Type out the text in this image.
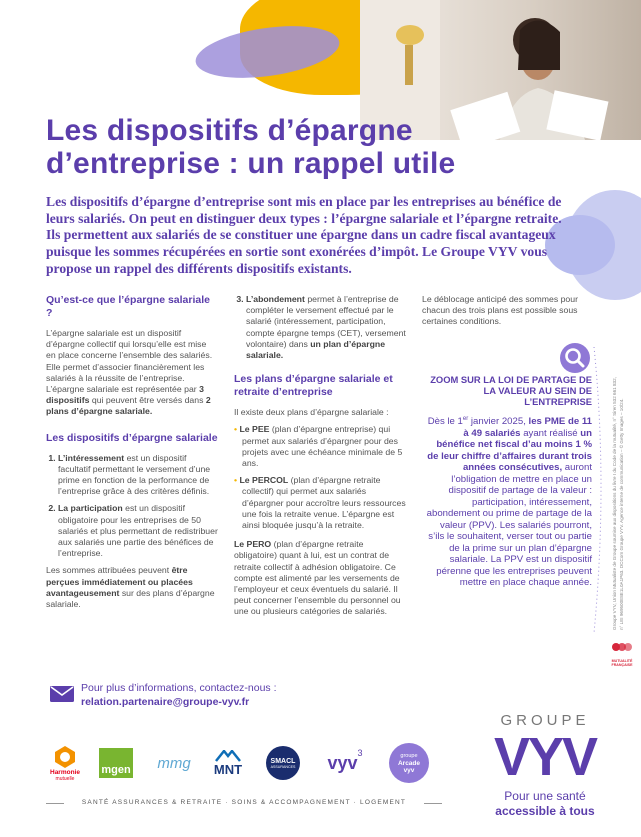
Les dispositifs d’épargne d’entreprise : un rappel utile

Les dispositifs d’épargne d’entreprise sont mis en place par les entreprises au bénéfice de leurs salariés. On peut en distinguer deux types : l’épargne salariale et l’épargne retraite. Ils permettent aux salariés de se constituer une épargne dans un cadre fiscal avantageux puisque les sommes récupérées en sortie sont exonérées d’impôt. Le Groupe VYV vous propose un rappel des différents dispositifs existants.

Qu’est-ce que l’épargne salariale ?

L’épargne salariale est un dispositif d’épargne collectif qui lorsqu’elle est mise en place concerne l’ensemble des salariés. Elle permet d’associer financièrement les salariés à la réussite de l’entreprise. L’épargne salariale est représentée par 3 dispositifs qui peuvent être versés dans 2 plans d’épargne salariale.

Les dispositifs d’épargne salariale
1. L’intéressement est un dispositif facultatif permettant le versement d’une prime en fonction de la performance de l’entreprise grâce à des critères définis.
2. La participation est un dispositif obligatoire pour les entreprises de 50 salariés et plus permettant de redistribuer aux salariés une partie des bénéfices de l’entreprise.

Les sommes attribuées peuvent être perçues immédiatement ou placées avantageusement sur des plans d’épargne salariale.

3. L’abondement permet à l’entreprise de compléter le versement effectué par le salarié (intéressement, participation, compte épargne temps (CET), versement volontaire) dans un plan d’épargne salariale.
Les plans d’épargne salariale et retraite d’entreprise

Il existe deux plans d’épargne salariale :

• Le PEE (plan d’épargne entreprise) qui permet aux salariés d’épargner pour des projets avec une échéance minimale de 5 ans.

• Le PERCOL (plan d’épargne retraite collectif) qui permet aux salariés d’épargner pour accroître leurs ressources une fois la retraite venue. L’épargne est ainsi bloquée jusqu’à la retraite.

Le PERO (plan d’épargne retraite obligatoire) quant à lui, est un contrat de retraite collectif à adhésion obligatoire. Ce compte est alimenté par les versements de l’employeur et ceux éventuels du salarié. Il peut concerner l’ensemble du personnel ou une ou plusieurs catégories de salariés.

Le déblocage anticipé des sommes pour chacun des trois plans est possible sous certaines conditions.

ZOOM SUR LA LOI DE PARTAGE DE LA VALEUR AU SEIN DE L’ENTREPRISE
Dès le 1er janvier 2025, les PME de 11 à 49 salariés ayant réalisé un bénéfice net fiscal d’au moins 1 % de leur chiffre d’affaires durant trois années consécutives, auront l’obligation de mettre en place un dispositif de partage de la valeur : participation, intéressement, abondement ou prime de partage de la valeur (PPV). Les salariés pourront, s’ils le souhaitent, verser tout ou partie de la prime sur un plan d’épargne salariale. La PPV est un dispositif pérenne que les entreprises peuvent mettre en place chaque année.	Groupe VYV, Union Mutualiste de Groupe soumise aux dispositions du livre I du Code de la mutualité, n° Siren 532 661 832, n° LEI 969500E8E1L0A1P63. DCCom Groupe VYV. Agence interne de communication – © Getty Images – 10/24.
MUTUALITÉ FRANÇAISE
Pour plus d’informations, contactez-nous :
relation.partenaire@groupe-vyv.fr
Harmonie
mutuelle
mgen mmg MNT
SMACL
ASSURANCES vyv$^3$	groupe
Arcade
vyv
SANTÉ ASSURANCES & RETRAITE · SOINS & ACCOMPAGNEMENT · LOGEMENT
GROUPE
VYV
Pour une santé
accessible à tous
